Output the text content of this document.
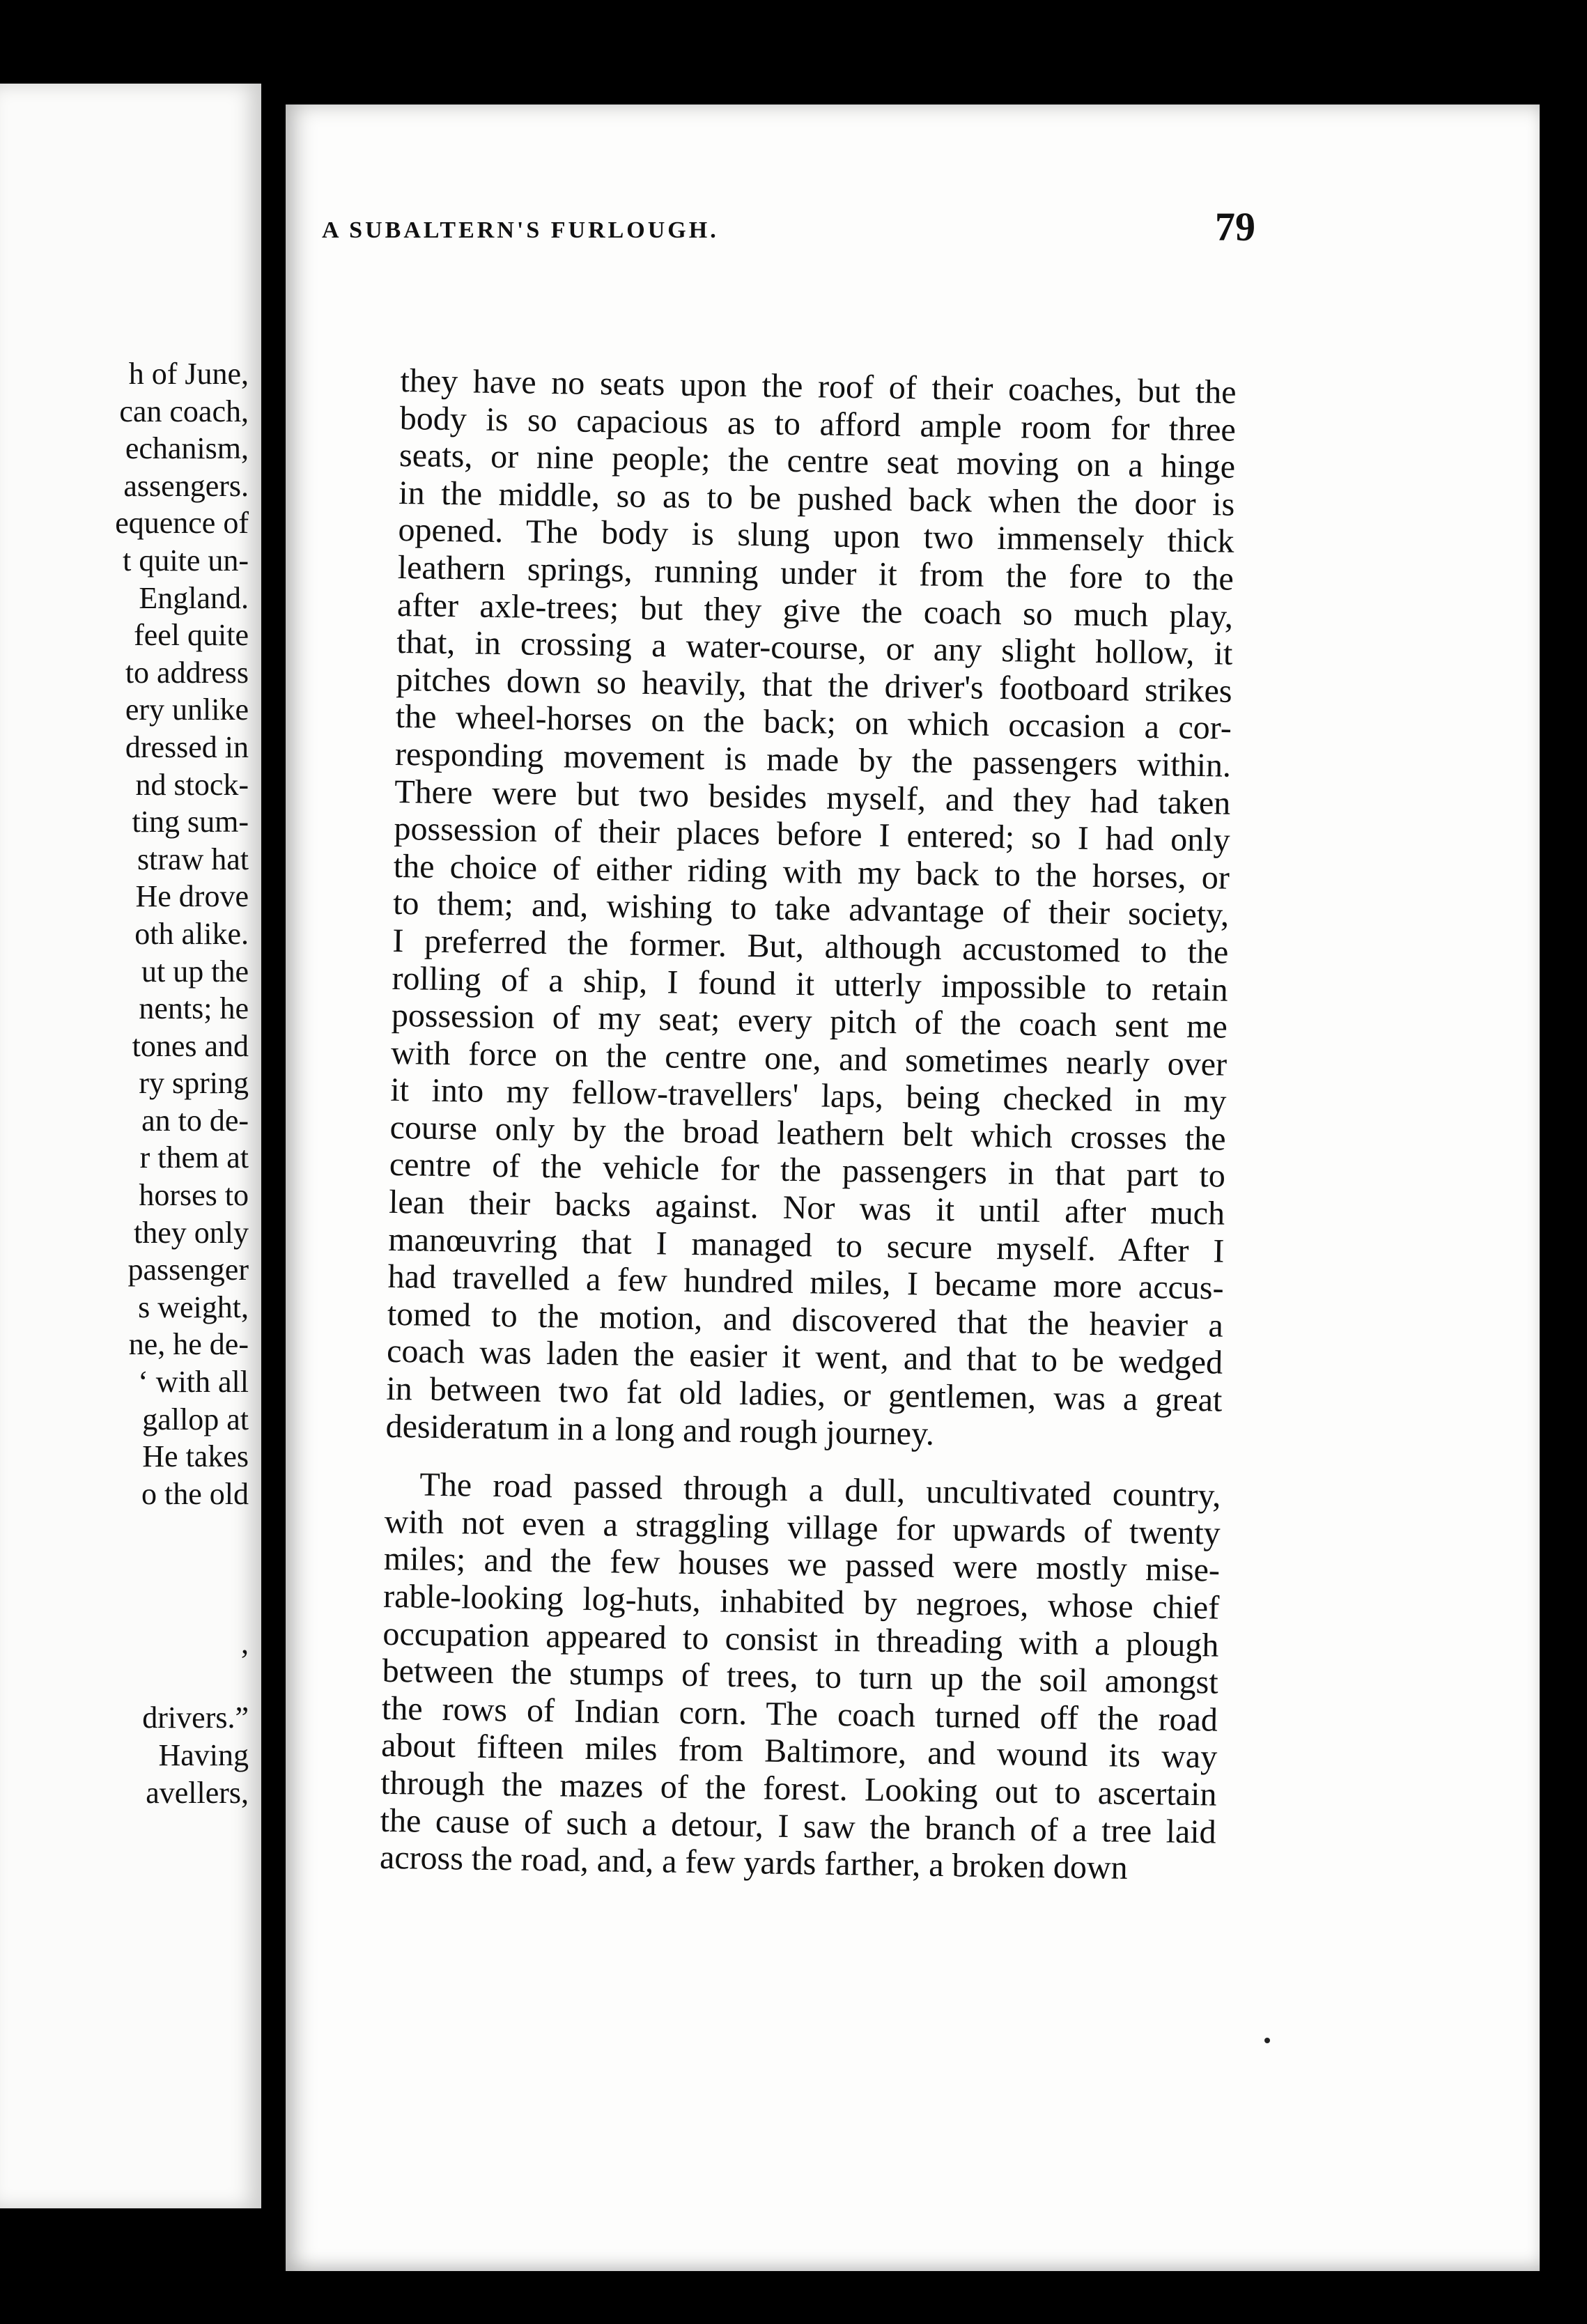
h of June,
can coach,
echanism,
assengers.
equence of
t quite un-
England.
feel quite
to address
ery unlike
dressed in
nd stock-
ting sum-
straw hat
He drove
oth alike.
ut up the
nents; he
tones and
ry spring
an to de-
r them at
horses to
they only
passenger
s weight,
ne, he de-
‘ with all
gallop at
He takes
o the old
,
drivers.”
Having
avellers,
A SUBALTERN'S FURLOUGH.	79

they have no seats upon the roof of their coaches, but the
body is so capacious as to afford ample room for three
seats, or nine people; the centre seat moving on a hinge
in the middle, so as to be pushed back when the door is
opened. The body is slung upon two immensely thick
leathern springs, running under it from the fore to the
after axle-trees; but they give the coach so much play,
that, in crossing a water-course, or any slight hollow, it
pitches down so heavily, that the driver's footboard strikes
the wheel-horses on the back; on which occasion a cor-
responding movement is made by the passengers within.
There were but two besides myself, and they had taken
possession of their places before I entered; so I had only
the choice of either riding with my back to the horses, or
to them; and, wishing to take advantage of their society,
I preferred the former. But, although accustomed to the
rolling of a ship, I found it utterly impossible to retain
possession of my seat; every pitch of the coach sent me
with force on the centre one, and sometimes nearly over
it into my fellow-travellers' laps, being checked in my
course only by the broad leathern belt which crosses the
centre of the vehicle for the passengers in that part to
lean their backs against. Nor was it until after much
manœuvring that I managed to secure myself. After I
had travelled a few hundred miles, I became more accus-
tomed to the motion, and discovered that the heavier a
coach was laden the easier it went, and that to be wedged
in between two fat old ladies, or gentlemen, was a great
desideratum in a long and rough journey.

The road passed through a dull, uncultivated country,
with not even a straggling village for upwards of twenty
miles; and the few houses we passed were mostly mise-
rable-looking log-huts, inhabited by negroes, whose chief
occupation appeared to consist in threading with a plough
between the stumps of trees, to turn up the soil amongst
the rows of Indian corn. The coach turned off the road
about fifteen miles from Baltimore, and wound its way
through the mazes of the forest. Looking out to ascertain
the cause of such a detour, I saw the branch of a tree laid
across the road, and, a few yards farther, a broken down
